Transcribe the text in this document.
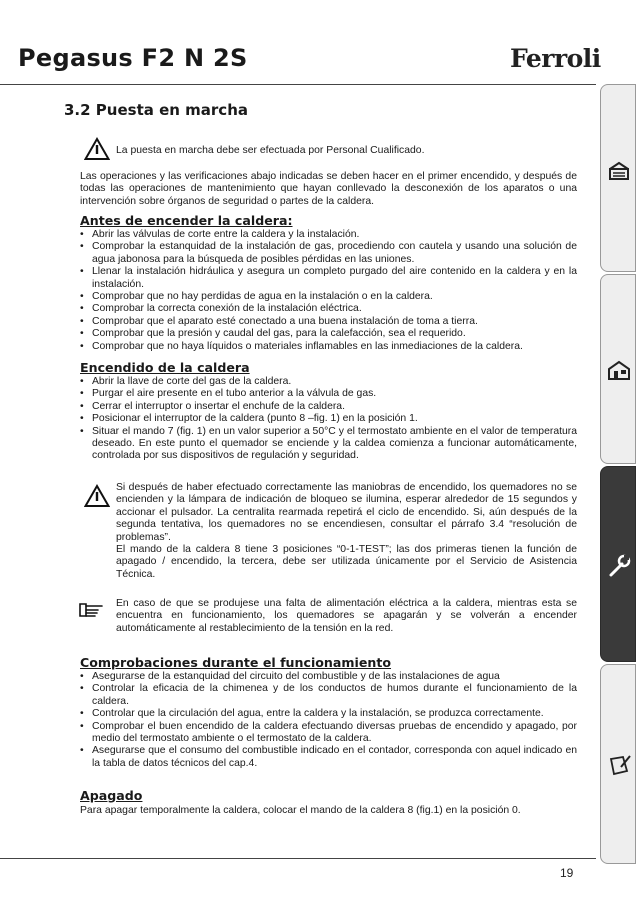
Pegasus F2 N 2S	Ferroli
3.2 Puesta en marcha
La puesta en marcha debe ser efectuada por Personal Cualificado.
Las operaciones y las verificaciones abajo indicadas se deben hacer en el primer encendido, y después de todas las operaciones de mantenimiento que hayan conllevado la desconexión de los aparatos o una intervención sobre órganos de seguridad o partes de la caldera.
Antes de encender la caldera:
• Abrir las válvulas de corte entre la caldera y la instalación.
• Comprobar la estanquidad de la instalación de gas, procediendo con cautela y usando una solución de agua jabonosa para la búsqueda de posibles pérdidas en las uniones.
• Llenar la instalación hidráulica y asegura un completo purgado del aire contenido en la caldera y en la instalación.
• Comprobar que no hay perdidas de agua en la instalación o en la caldera.
• Comprobar la correcta conexión de la instalación eléctrica.
• Comprobar que el aparato esté conectado a una buena instalación de toma a tierra.
• Comprobar que la presión y caudal del gas, para la calefacción, sea el requerido.
• Comprobar que no haya líquidos o materiales inflamables en las inmediaciones de la caldera.
Encendido de la caldera
• Abrir la llave de corte del gas de la caldera.
• Purgar el aire presente en el tubo anterior a la válvula de gas.
• Cerrar el interruptor o insertar el enchufe de la caldera.
• Posicionar el interruptor de la caldera (punto 8 –fig. 1) en la posición 1.
• Situar el mando 7 (fig. 1) en un valor superior a 50°C y el termostato ambiente en el valor de temperatura deseado. En este punto el quemador se enciende y la caldea comienza a funcionar automáticamente, controlada por sus dispositivos de regulación y seguridad.
Si después de haber efectuado correctamente las maniobras de encendido, los quemadores no se encienden y la lámpara de indicación de bloqueo se ilumina, esperar alrededor de 15 segundos y accionar el pulsador. La centralita rearmada repetirá el ciclo de encendido. Si, aún después de la segunda tentativa, los quemadores no se encendiesen, consultar el párrafo 3.4 “resolución de problemas”.
El mando de la caldera 8 tiene 3 posiciones “0-1-TEST”; las dos primeras tienen la función de apagado / encendido, la tercera, debe ser utilizada únicamente por el Servicio de Asistencia Técnica.
En caso de que se produjese una falta de alimentación eléctrica a la caldera, mientras esta se encuentra en funcionamiento, los quemadores se apagarán y se volverán a encender automáticamente al restablecimiento de la tensión en la red.
Comprobaciones durante el funcionamiento
• Asegurarse de la estanquidad del circuito del combustible y de las instalaciones de agua
• Controlar la eficacia de la chimenea y de los conductos de humos durante el funcionamiento de la caldera.
• Controlar que la circulación del agua, entre la caldera y la instalación, se produzca correctamente.
• Comprobar el buen encendido de la caldera efectuando diversas pruebas de encendido y apagado, por medio del termostato ambiente o el termostato de la caldera.
• Asegurarse que el consumo del combustible indicado en el contador, corresponda con aquel indicado en la tabla de datos técnicos del cap.4.
Apagado
Para apagar temporalmente la caldera, colocar el mando de la caldera 8 (fig.1) en la posición 0.
19
